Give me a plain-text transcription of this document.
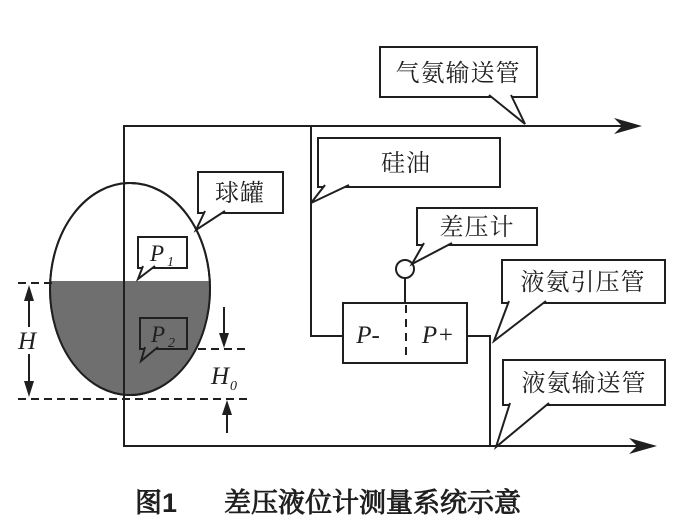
P- P+
H
H 0
P 1
P 2
气氨输送管
球罐
硅油
差压计
液氨引压管
液氨输送管
图1 差压液位计测量系统示意
